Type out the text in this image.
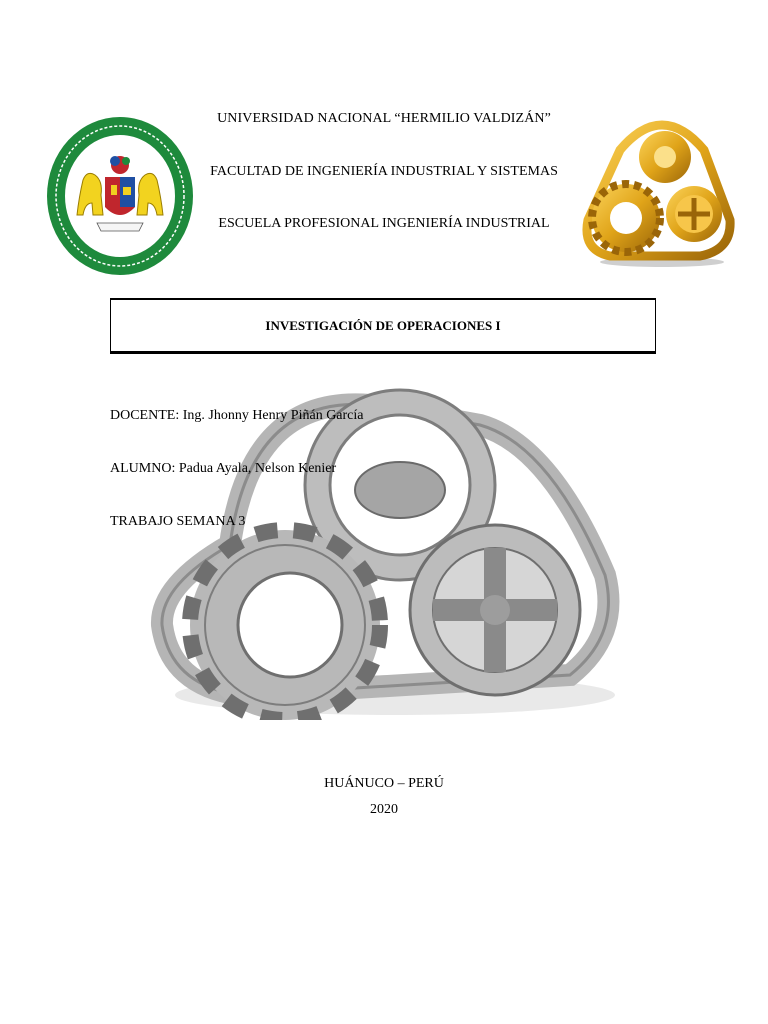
UNIVERSIDAD NACIONAL “HERMILIO VALDIZÁN”
FACULTAD DE INGENIERÍA INDUSTRIAL Y SISTEMAS
ESCUELA PROFESIONAL INGENIERÍA INDUSTRIAL
INVESTIGACIÓN DE OPERACIONES I
DOCENTE: Ing. Jhonny Henry Piñán García
ALUMNO: Padua Ayala, Nelson Kenier
TRABAJO SEMANA 3
HUÁNUCO – PERÚ
2020
